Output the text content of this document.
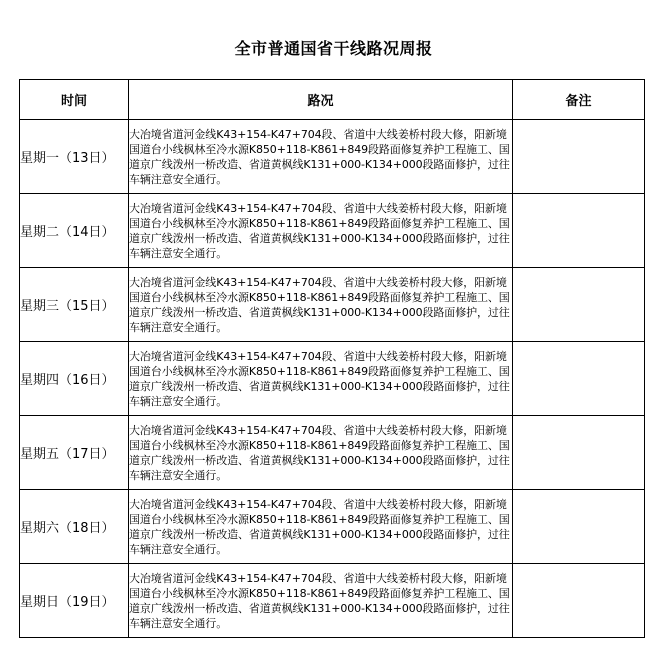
全市普通国省干线路况周报
时间	路况	备注
星期一（13日）	大冶境省道河金线K43+154-K47+704段、省道中大线姜桥村段大修，阳新境国道台小线枫林至冷水源K850+118-K861+849段路面修复养护工程施工、国道京广线泼州一桥改造、省道黄枫线K131+000-K134+000段路面修护，过往车辆注意安全通行。	
星期二（14日）	大冶境省道河金线K43+154-K47+704段、省道中大线姜桥村段大修，阳新境国道台小线枫林至冷水源K850+118-K861+849段路面修复养护工程施工、国道京广线泼州一桥改造、省道黄枫线K131+000-K134+000段路面修护，过往车辆注意安全通行。	
星期三（15日）	大冶境省道河金线K43+154-K47+704段、省道中大线姜桥村段大修，阳新境国道台小线枫林至冷水源K850+118-K861+849段路面修复养护工程施工、国道京广线泼州一桥改造、省道黄枫线K131+000-K134+000段路面修护，过往车辆注意安全通行。	
星期四（16日）	大冶境省道河金线K43+154-K47+704段、省道中大线姜桥村段大修，阳新境国道台小线枫林至冷水源K850+118-K861+849段路面修复养护工程施工、国道京广线泼州一桥改造、省道黄枫线K131+000-K134+000段路面修护，过往车辆注意安全通行。	
星期五（17日）	大冶境省道河金线K43+154-K47+704段、省道中大线姜桥村段大修，阳新境国道台小线枫林至冷水源K850+118-K861+849段路面修复养护工程施工、国道京广线泼州一桥改造、省道黄枫线K131+000-K134+000段路面修护，过往车辆注意安全通行。	
星期六（18日）	大冶境省道河金线K43+154-K47+704段、省道中大线姜桥村段大修，阳新境国道台小线枫林至冷水源K850+118-K861+849段路面修复养护工程施工、国道京广线泼州一桥改造、省道黄枫线K131+000-K134+000段路面修护，过往车辆注意安全通行。	
星期日（19日）	大冶境省道河金线K43+154-K47+704段、省道中大线姜桥村段大修，阳新境国道台小线枫林至冷水源K850+118-K861+849段路面修复养护工程施工、国道京广线泼州一桥改造、省道黄枫线K131+000-K134+000段路面修护，过往车辆注意安全通行。	
